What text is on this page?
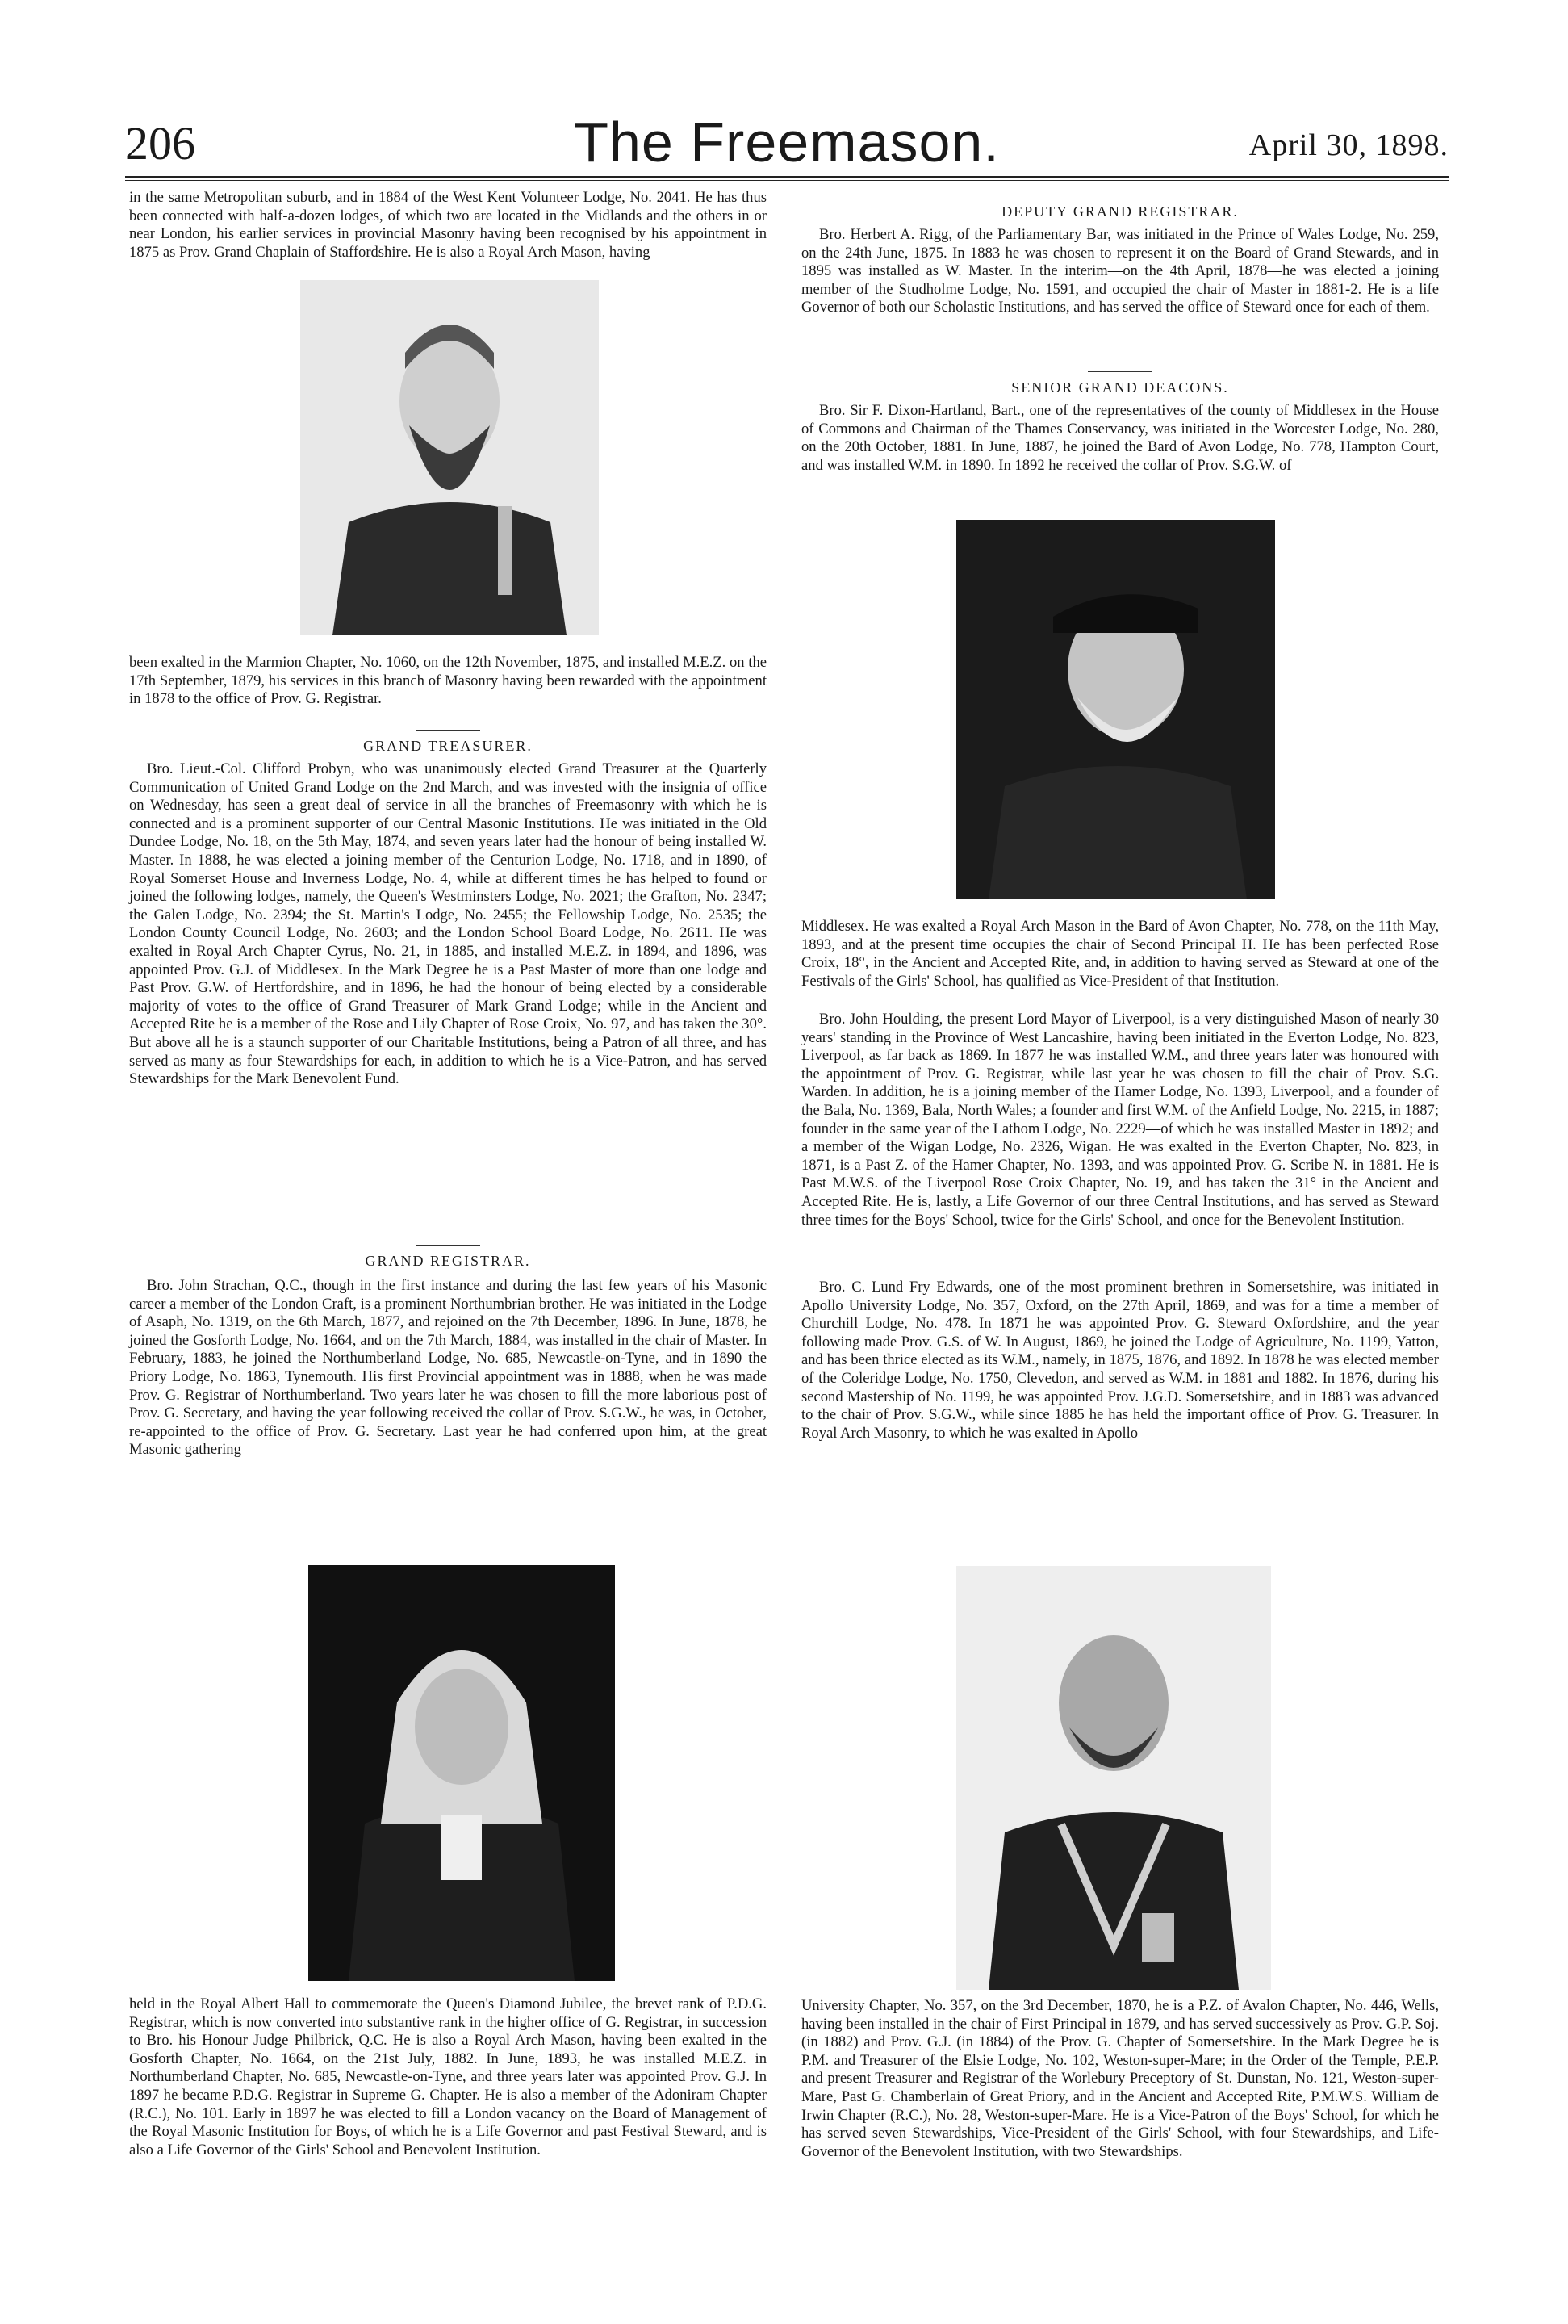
206	The Freemason.	April 30, 1898.

in the same Metropolitan suburb, and in 1884 of the West Kent Volunteer Lodge, No. 2041. He has thus been connected with half-a-dozen lodges, of which two are located in the Midlands and the others in or near London, his earlier services in provincial Masonry having been recognised by his appointment in 1875 as Prov. Grand Chaplain of Staffordshire. He is also a Royal Arch Mason, having

been exalted in the Marmion Chapter, No. 1060, on the 12th November, 1875, and installed M.E.Z. on the 17th September, 1879, his services in this branch of Masonry having been rewarded with the appointment in 1878 to the office of Prov. G. Registrar.

GRAND TREASURER.

Bro. Lieut.-Col. Clifford Probyn, who was unanimously elected Grand Treasurer at the Quarterly Communication of United Grand Lodge on the 2nd March, and was invested with the insignia of office on Wednesday, has seen a great deal of service in all the branches of Freemasonry with which he is connected and is a prominent supporter of our Central Masonic Institutions. He was initiated in the Old Dundee Lodge, No. 18, on the 5th May, 1874, and seven years later had the honour of being installed W. Master. In 1888, he was elected a joining member of the Centurion Lodge, No. 1718, and in 1890, of Royal Somerset House and Inverness Lodge, No. 4, while at different times he has helped to found or joined the following lodges, namely, the Queen's Westminsters Lodge, No. 2021; the Grafton, No. 2347; the Galen Lodge, No. 2394; the St. Martin's Lodge, No. 2455; the Fellowship Lodge, No. 2535; the London County Council Lodge, No. 2603; and the London School Board Lodge, No. 2611. He was exalted in Royal Arch Chapter Cyrus, No. 21, in 1885, and installed M.E.Z. in 1894, and 1896, was appointed Prov. G.J. of Middlesex. In the Mark Degree he is a Past Master of more than one lodge and Past Prov. G.W. of Hertfordshire, and in 1896, he had the honour of being elected by a considerable majority of votes to the office of Grand Treasurer of Mark Grand Lodge; while in the Ancient and Accepted Rite he is a member of the Rose and Lily Chapter of Rose Croix, No. 97, and has taken the 30°. But above all he is a staunch supporter of our Charitable Institutions, being a Patron of all three, and has served as many as four Stewardships for each, in addition to which he is a Vice-Patron, and has served Stewardships for the Mark Benevolent Fund.

GRAND REGISTRAR.

Bro. John Strachan, Q.C., though in the first instance and during the last few years of his Masonic career a member of the London Craft, is a prominent Northumbrian brother. He was initiated in the Lodge of Asaph, No. 1319, on the 6th March, 1877, and rejoined on the 7th December, 1896. In June, 1878, he joined the Gosforth Lodge, No. 1664, and on the 7th March, 1884, was installed in the chair of Master. In February, 1883, he joined the Northumberland Lodge, No. 685, Newcastle-on-Tyne, and in 1890 the Priory Lodge, No. 1863, Tynemouth. His first Provincial appointment was in 1888, when he was made Prov. G. Registrar of Northumberland. Two years later he was chosen to fill the more laborious post of Prov. G. Secretary, and having the year following received the collar of Prov. S.G.W., he was, in October, re-appointed to the office of Prov. G. Secretary. Last year he had conferred upon him, at the great Masonic gathering

held in the Royal Albert Hall to commemorate the Queen's Diamond Jubilee, the brevet rank of P.D.G. Registrar, which is now converted into substantive rank in the higher office of G. Registrar, in succession to Bro. his Honour Judge Philbrick, Q.C. He is also a Royal Arch Mason, having been exalted in the Gosforth Chapter, No. 1664, on the 21st July, 1882. In June, 1893, he was installed M.E.Z. in Northumberland Chapter, No. 685, Newcastle-on-Tyne, and three years later was appointed Prov. G.J. In 1897 he became P.D.G. Registrar in Supreme G. Chapter. He is also a member of the Adoniram Chapter (R.C.), No. 101. Early in 1897 he was elected to fill a London vacancy on the Board of Management of the Royal Masonic Institution for Boys, of which he is a Life Governor and past Festival Steward, and is also a Life Governor of the Girls' School and Benevolent Institution.

DEPUTY GRAND REGISTRAR.

Bro. Herbert A. Rigg, of the Parliamentary Bar, was initiated in the Prince of Wales Lodge, No. 259, on the 24th June, 1875. In 1883 he was chosen to represent it on the Board of Grand Stewards, and in 1895 was installed as W. Master. In the interim—on the 4th April, 1878—he was elected a joining member of the Studholme Lodge, No. 1591, and occupied the chair of Master in 1881-2. He is a life Governor of both our Scholastic Institutions, and has served the office of Steward once for each of them.

SENIOR GRAND DEACONS.

Bro. Sir F. Dixon-Hartland, Bart., one of the representatives of the county of Middlesex in the House of Commons and Chairman of the Thames Conservancy, was initiated in the Worcester Lodge, No. 280, on the 20th October, 1881. In June, 1887, he joined the Bard of Avon Lodge, No. 778, Hampton Court, and was installed W.M. in 1890. In 1892 he received the collar of Prov. S.G.W. of

Middlesex. He was exalted a Royal Arch Mason in the Bard of Avon Chapter, No. 778, on the 11th May, 1893, and at the present time occupies the chair of Second Principal H. He has been perfected Rose Croix, 18°, in the Ancient and Accepted Rite, and, in addition to having served as Steward at one of the Festivals of the Girls' School, has qualified as Vice-President of that Institution.

Bro. John Houlding, the present Lord Mayor of Liverpool, is a very distinguished Mason of nearly 30 years' standing in the Province of West Lancashire, having been initiated in the Everton Lodge, No. 823, Liverpool, as far back as 1869. In 1877 he was installed W.M., and three years later was honoured with the appointment of Prov. G. Registrar, while last year he was chosen to fill the chair of Prov. S.G. Warden. In addition, he is a joining member of the Hamer Lodge, No. 1393, Liverpool, and a founder of the Bala, No. 1369, Bala, North Wales; a founder and first W.M. of the Anfield Lodge, No. 2215, in 1887; founder in the same year of the Lathom Lodge, No. 2229—of which he was installed Master in 1892; and a member of the Wigan Lodge, No. 2326, Wigan. He was exalted in the Everton Chapter, No. 823, in 1871, is a Past Z. of the Hamer Chapter, No. 1393, and was appointed Prov. G. Scribe N. in 1881. He is Past M.W.S. of the Liverpool Rose Croix Chapter, No. 19, and has taken the 31° in the Ancient and Accepted Rite. He is, lastly, a Life Governor of our three Central Institutions, and has served as Steward three times for the Boys' School, twice for the Girls' School, and once for the Benevolent Institution.

Bro. C. Lund Fry Edwards, one of the most prominent brethren in Somersetshire, was initiated in Apollo University Lodge, No. 357, Oxford, on the 27th April, 1869, and was for a time a member of Churchill Lodge, No. 478. In 1871 he was appointed Prov. G. Steward Oxfordshire, and the year following made Prov. G.S. of W. In August, 1869, he joined the Lodge of Agriculture, No. 1199, Yatton, and has been thrice elected as its W.M., namely, in 1875, 1876, and 1892. In 1878 he was elected member of the Coleridge Lodge, No. 1750, Clevedon, and served as W.M. in 1881 and 1882. In 1876, during his second Mastership of No. 1199, he was appointed Prov. J.G.D. Somersetshire, and in 1883 was advanced to the chair of Prov. S.G.W., while since 1885 he has held the important office of Prov. G. Treasurer. In Royal Arch Masonry, to which he was exalted in Apollo

University Chapter, No. 357, on the 3rd December, 1870, he is a P.Z. of Avalon Chapter, No. 446, Wells, having been installed in the chair of First Principal in 1879, and has served successively as Prov. G.P. Soj. (in 1882) and Prov. G.J. (in 1884) of the Prov. G. Chapter of Somersetshire. In the Mark Degree he is P.M. and Treasurer of the Elsie Lodge, No. 102, Weston-super-Mare; in the Order of the Temple, P.E.P. and present Treasurer and Registrar of the Worlebury Preceptory of St. Dunstan, No. 121, Weston-super-Mare, Past G. Chamberlain of Great Priory, and in the Ancient and Accepted Rite, P.M.W.S. William de Irwin Chapter (R.C.), No. 28, Weston-super-Mare. He is a Vice-Patron of the Boys' School, for which he has served seven Stewardships, Vice-President of the Girls' School, with four Stewardships, and Life-Governor of the Benevolent Institution, with two Stewardships.
